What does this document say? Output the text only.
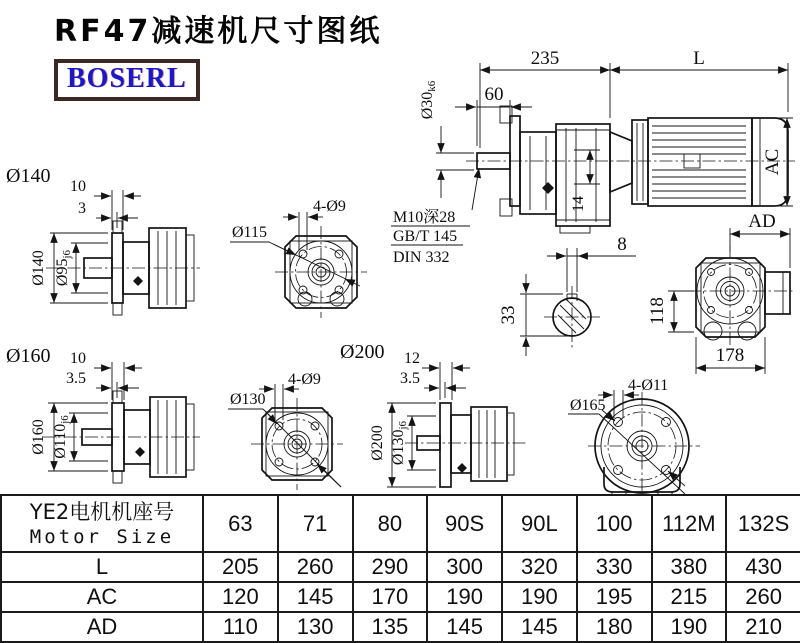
RF47减速机尺寸图纸
BOSERL
Ø140 10
3
Ø140 Ø95j6
4-Ø9
Ø115
M10深28
GB/T 145
DIN 332
14
235	L
60
Ø30k6
AC
8
33
AD
118
178
Ø160 10
3.5
Ø160 Ø110j6
Ø200
4-Ø9
Ø130
12
3.5
Ø200 Ø130j6
4-Ø11
Ø165
YE2电机机座号
Motor Size	63	71	80	90S	90L	100	112M	132S
L	205	260	290	300	320	330	380	430
AC	120	145	170	190	190	195	215	260
AD	110	130	135	145	145	180	190	210
